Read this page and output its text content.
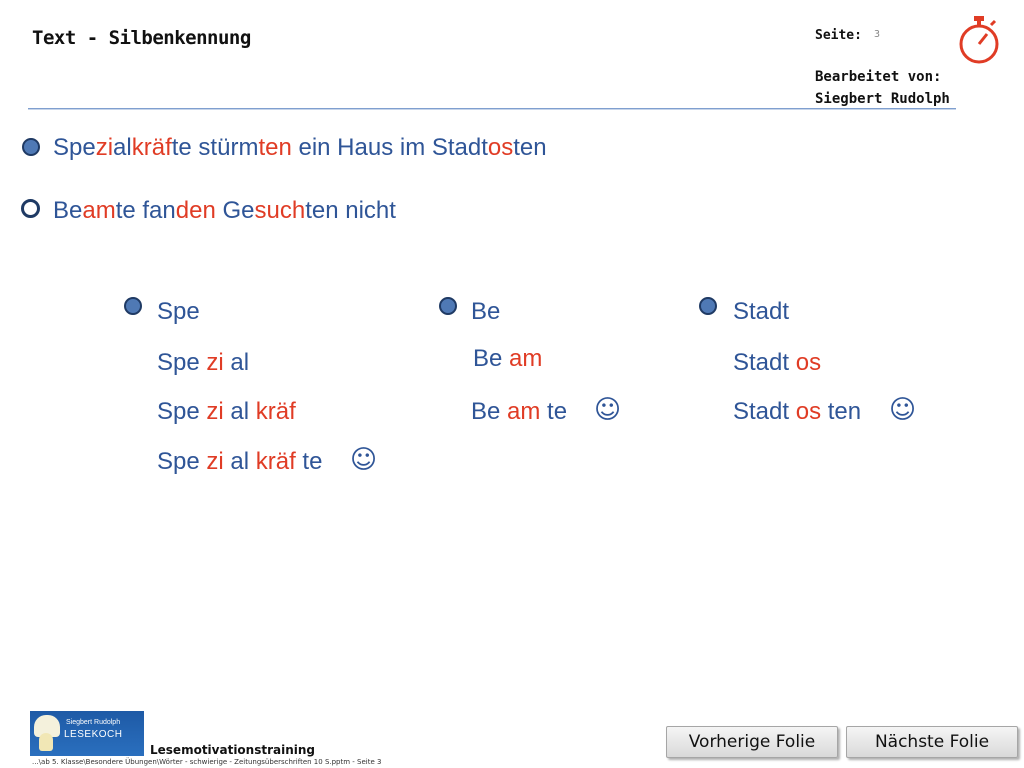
Text - Silbenkennung	Seite: 3
Bearbeitet von:
Siegbert Rudolph
Spezialkräfte stürmten ein Haus im Stadtosten
Beamte fanden Gesuchten nicht
Spe
Spe zi al
Spe zi al kräf
Spe zi al kräf te ☺
Be
Be am
Be am te ☺
Stadt
Stadt os
Stadt os ten ☺
Siegbert Rudolph
LESEKOCH
Lesemotivationstraining
...\ab 5. Klasse\Besondere Übungen\Wörter - schwierige - Zeitungsüberschriften 10 S.pptm - Seite 3
Vorherige Folie	Nächste Folie
